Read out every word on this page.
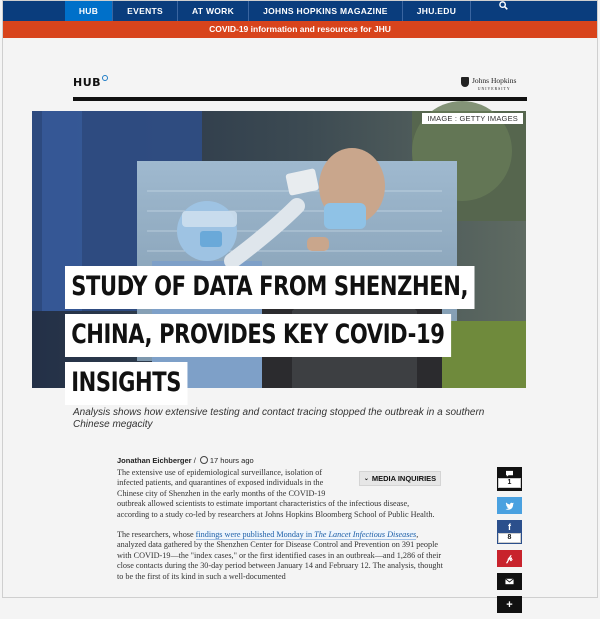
HUB	EVENTS	AT WORK	JOHNS HOPKINS MAGAZINE	JHU.EDU
COVID-19 information and resources for JHU
HUB	Johns Hopkins
UNIVERSITY
IMAGE : GETTY IMAGES
STUDY OF DATA FROM SHENZHEN,
CHINA, PROVIDES KEY COVID-19
INSIGHTS
Analysis shows how extensive testing and contact tracing stopped the outbreak in a southern Chinese megacity
Jonathan Eichberger / 17 hours ago

The extensive use of epidemiological surveillance, isolation of infected patients, and quarantines of exposed individuals in the Chinese city of Shenzhen in the early months of the COVID-19 outbreak allowed scientists to estimate important characteristics of the infectious disease, according to a study co-led by researchers at Johns Hopkins Bloomberg School of Public Health.

The researchers, whose findings were published Monday in The Lancet Infectious Diseases, analyzed data gathered by the Shenzhen Center for Disease Control and Prevention on 391 people with COVID-19—the "index cases," or the first identified cases in an outbreak—and 1,286 of their close contacts during the 30-day period between January 14 and February 12. The analysis, thought to be the first of its kind in such a well-documented

⌄ MEDIA INQUIRIES	1
f
8
𝓅
+
